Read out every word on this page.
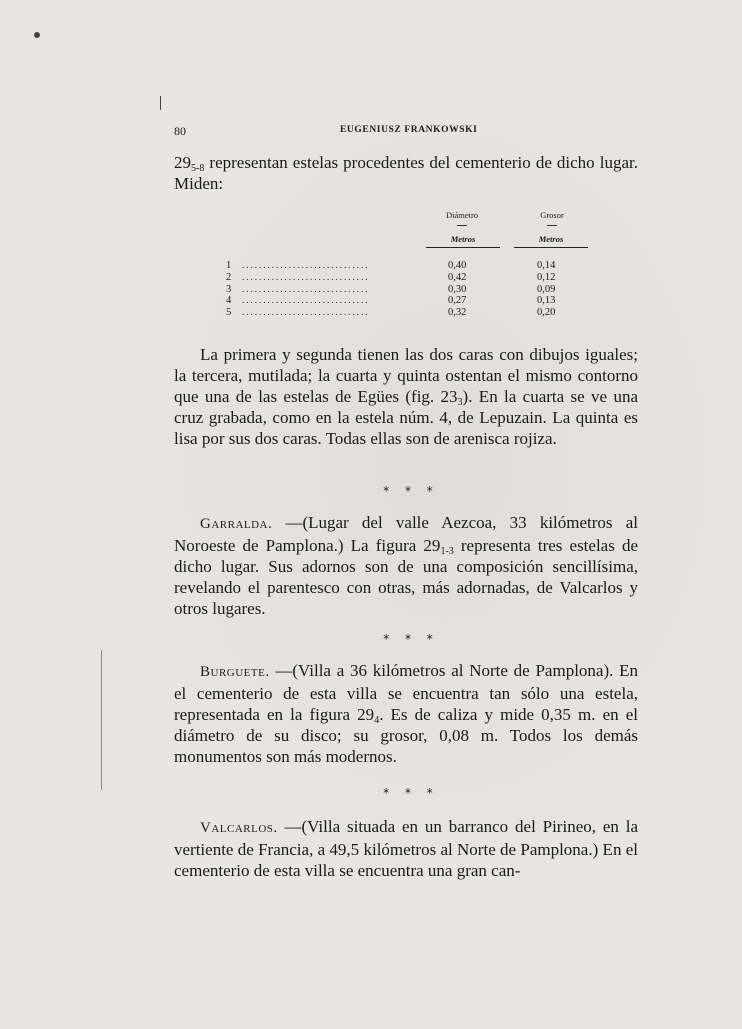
80	EUGENIUSZ FRANKOWSKI
$29_{5-8}$ representan estelas procedentes del cementerio de dicho lugar. Miden:
Diámetro	Grosor
Metros	Metros
1	..............................	0,40	0,14
2	..............................	0,42	0,12
3	..............................	0,30	0,09
4	..............................	0,27	0,13
5	..............................	0,32	0,20
La primera y segunda tienen las dos caras con dibujos iguales; la tercera, mutilada; la cuarta y quinta ostentan el mismo contorno que una de las estelas de Egües (fig. $23_3$). En la cuarta se ve una cruz grabada, como en la estela núm. 4, de Lepuzain. La quinta es lisa por sus dos caras. Todas ellas son de arenisca rojiza.
* * *
Garralda. —(Lugar del valle Aezcoa, 33 kilómetros al Noroeste de Pamplona.) La figura $29_{1-3}$ representa tres estelas de dicho lugar. Sus adornos son de una composición sencillísima, revelando el parentesco con otras, más adornadas, de Valcarlos y otros lugares.
* * *
Burguete. —(Villa a 36 kilómetros al Norte de Pamplona). En el cementerio de esta villa se encuentra tan sólo una estela, representada en la figura $29_4$. Es de caliza y mide 0,35 m. en el diámetro de su disco; su grosor, 0,08 m. Todos los demás monumentos son más modernos.
* * *
Valcarlos. —(Villa situada en un barranco del Pirineo, en la vertiente de Francia, a 49,5 kilómetros al Norte de Pamplona.) En el cementerio de esta villa se encuentra una gran can-
